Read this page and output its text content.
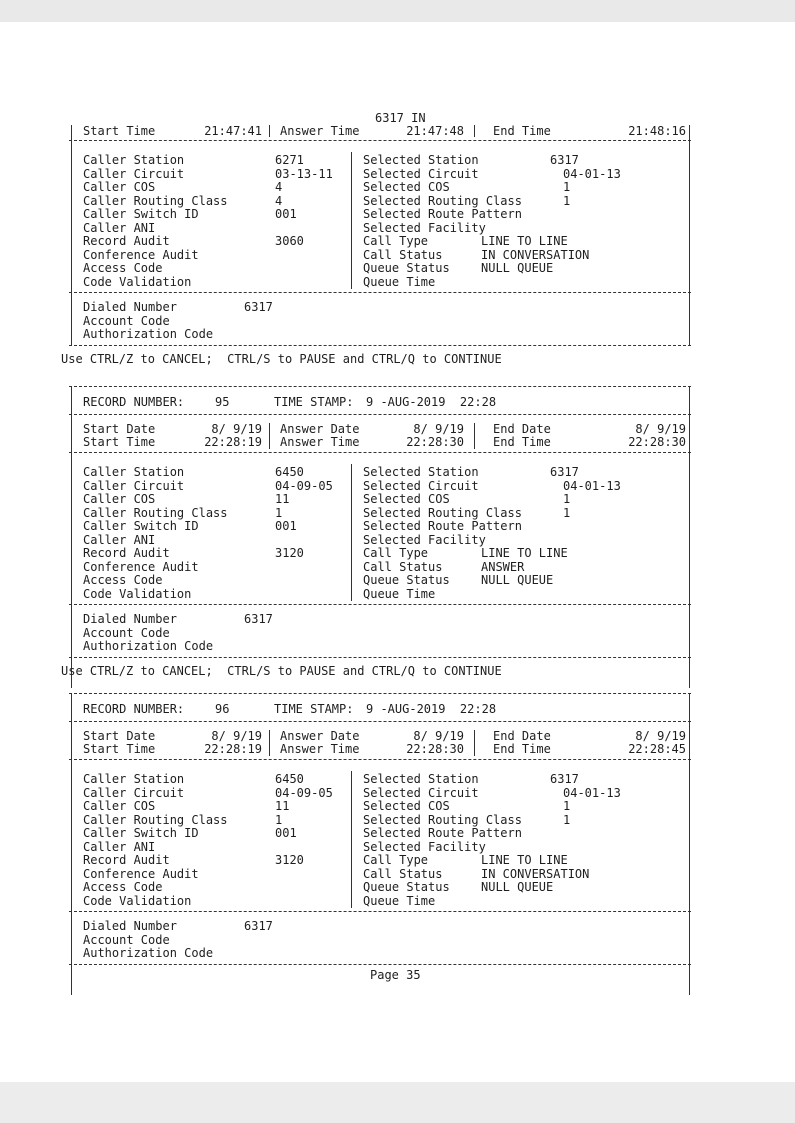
6317 IN
Start Time	21:47:41 Answer Time	21:47:48 End Time	21:48:16
Caller Station	6271	Selected Station	6317
Caller Circuit	03-13-11	Selected Circuit	04-01-13
Caller COS	4	Selected COS	1
Caller Routing Class	4	Selected Routing Class	1
Caller Switch ID	001	Selected Route Pattern
Caller ANI	Selected Facility
Record Audit	3060	Call Type	LINE TO LINE
Conference Audit	Call Status	IN CONVERSATION
Access Code	Queue Status	NULL QUEUE
Code Validation	Queue Time
Dialed Number	6317
Account Code
Authorization Code
Use CTRL/Z to CANCEL;  CTRL/S to PAUSE and CTRL/Q to CONTINUE
RECORD NUMBER:	95	TIME STAMP: 9 -AUG-2019  22:28
Start Date	8/ 9/19 Answer Date	8/ 9/19 End Date	8/ 9/19
Start Time	22:28:19 Answer Time	22:28:30 End Time	22:28:30
Caller Station	6450	Selected Station	6317
Caller Circuit	04-09-05	Selected Circuit	04-01-13
Caller COS	11	Selected COS	1
Caller Routing Class	1	Selected Routing Class	1
Caller Switch ID	001	Selected Route Pattern
Caller ANI	Selected Facility
Record Audit	3120	Call Type	LINE TO LINE
Conference Audit	Call Status	ANSWER
Access Code	Queue Status	NULL QUEUE
Code Validation	Queue Time
Dialed Number	6317
Account Code
Authorization Code
Use CTRL/Z to CANCEL;  CTRL/S to PAUSE and CTRL/Q to CONTINUE
RECORD NUMBER:	96	TIME STAMP: 9 -AUG-2019  22:28
Start Date	8/ 9/19 Answer Date	8/ 9/19 End Date	8/ 9/19
Start Time	22:28:19 Answer Time	22:28:30 End Time	22:28:45
Caller Station	6450	Selected Station	6317
Caller Circuit	04-09-05	Selected Circuit	04-01-13
Caller COS	11	Selected COS	1
Caller Routing Class	1	Selected Routing Class	1
Caller Switch ID	001	Selected Route Pattern
Caller ANI	Selected Facility
Record Audit	3120	Call Type	LINE TO LINE
Conference Audit	Call Status	IN CONVERSATION
Access Code	Queue Status	NULL QUEUE
Code Validation	Queue Time
Dialed Number	6317
Account Code
Authorization Code
Page 35
